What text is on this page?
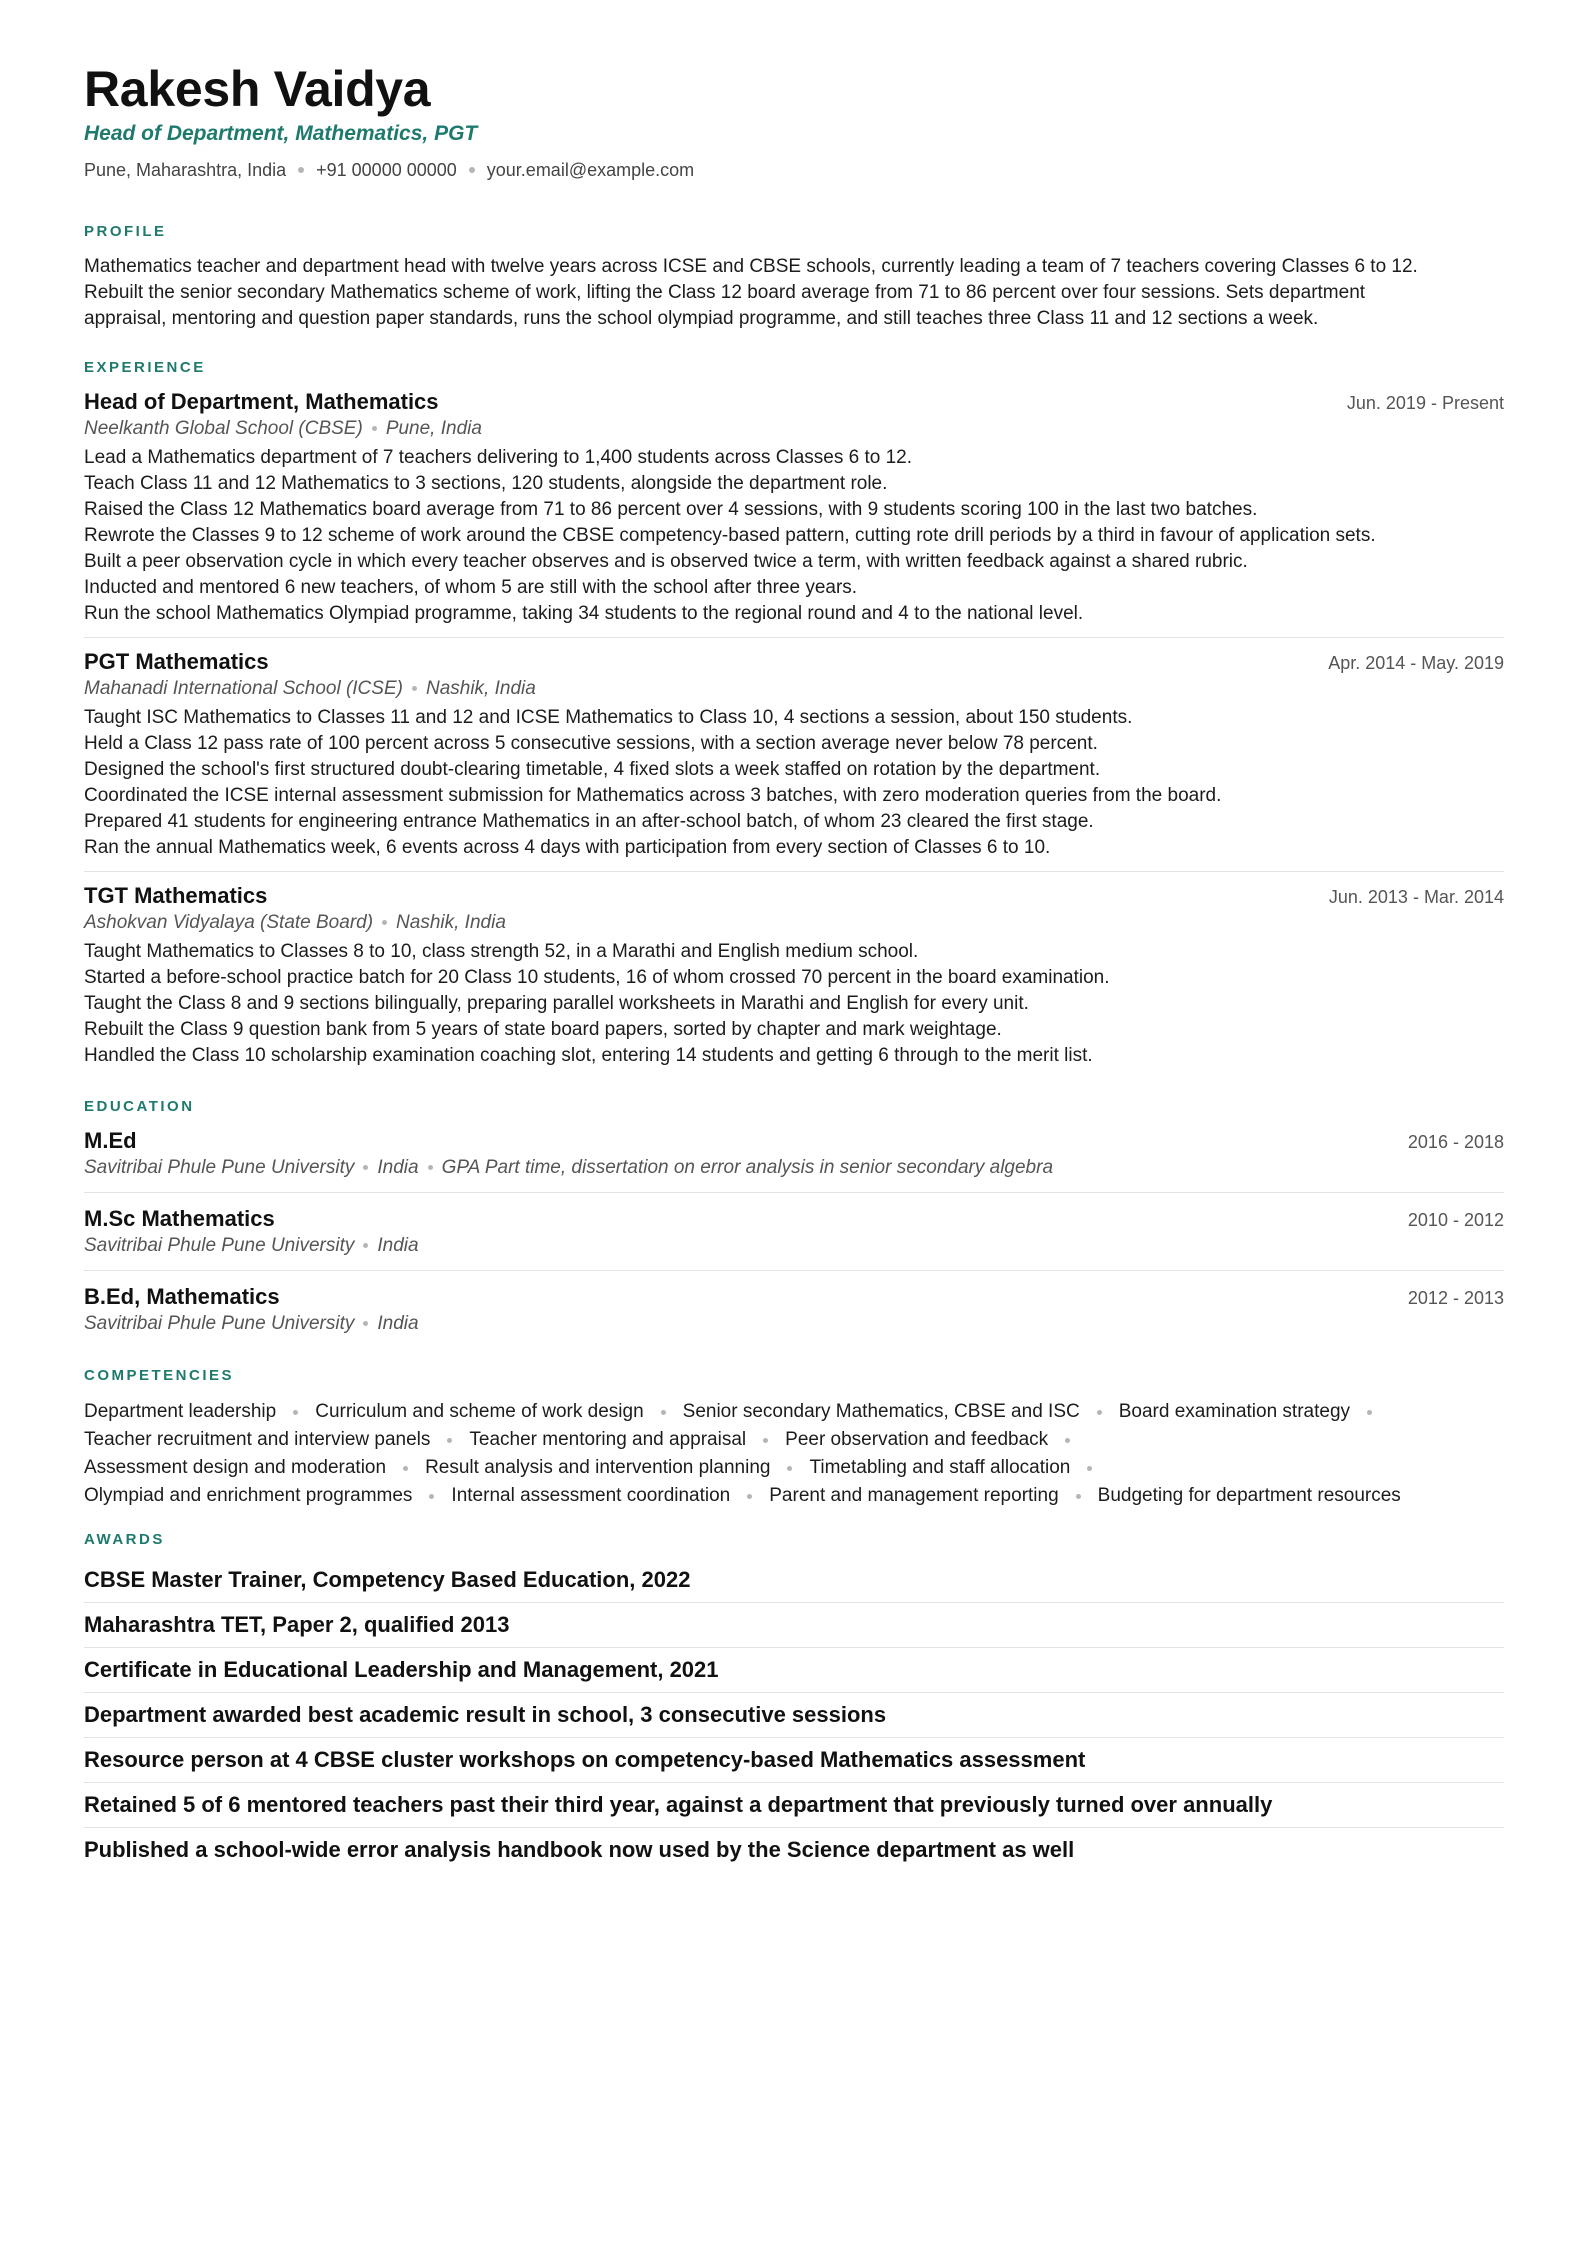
Rakesh Vaidya
Head of Department, Mathematics, PGT
Pune, Maharashtra, India +91 00000 00000 your.email@example.com
PROFILE
Mathematics teacher and department head with twelve years across ICSE and CBSE schools, currently leading a team of 7 teachers covering Classes 6 to 12.
Rebuilt the senior secondary Mathematics scheme of work, lifting the Class 12 board average from 71 to 86 percent over four sessions. Sets department
appraisal, mentoring and question paper standards, runs the school olympiad programme, and still teaches three Class 11 and 12 sections a week.
EXPERIENCE
Head of Department, Mathematics	Jun. 2019 - Present
Neelkanth Global School (CBSE) Pune, India
Lead a Mathematics department of 7 teachers delivering to 1,400 students across Classes 6 to 12.
Teach Class 11 and 12 Mathematics to 3 sections, 120 students, alongside the department role.
Raised the Class 12 Mathematics board average from 71 to 86 percent over 4 sessions, with 9 students scoring 100 in the last two batches.
Rewrote the Classes 9 to 12 scheme of work around the CBSE competency-based pattern, cutting rote drill periods by a third in favour of application sets.
Built a peer observation cycle in which every teacher observes and is observed twice a term, with written feedback against a shared rubric.
Inducted and mentored 6 new teachers, of whom 5 are still with the school after three years.
Run the school Mathematics Olympiad programme, taking 34 students to the regional round and 4 to the national level.
PGT Mathematics	Apr. 2014 - May. 2019
Mahanadi International School (ICSE) Nashik, India
Taught ISC Mathematics to Classes 11 and 12 and ICSE Mathematics to Class 10, 4 sections a session, about 150 students.
Held a Class 12 pass rate of 100 percent across 5 consecutive sessions, with a section average never below 78 percent.
Designed the school's first structured doubt-clearing timetable, 4 fixed slots a week staffed on rotation by the department.
Coordinated the ICSE internal assessment submission for Mathematics across 3 batches, with zero moderation queries from the board.
Prepared 41 students for engineering entrance Mathematics in an after-school batch, of whom 23 cleared the first stage.
Ran the annual Mathematics week, 6 events across 4 days with participation from every section of Classes 6 to 10.
TGT Mathematics	Jun. 2013 - Mar. 2014
Ashokvan Vidyalaya (State Board) Nashik, India
Taught Mathematics to Classes 8 to 10, class strength 52, in a Marathi and English medium school.
Started a before-school practice batch for 20 Class 10 students, 16 of whom crossed 70 percent in the board examination.
Taught the Class 8 and 9 sections bilingually, preparing parallel worksheets in Marathi and English for every unit.
Rebuilt the Class 9 question bank from 5 years of state board papers, sorted by chapter and mark weightage.
Handled the Class 10 scholarship examination coaching slot, entering 14 students and getting 6 through to the merit list.
EDUCATION
M.Ed	2016 - 2018
Savitribai Phule Pune University India GPA Part time, dissertation on error analysis in senior secondary algebra
M.Sc Mathematics	2010 - 2012
Savitribai Phule Pune University India
B.Ed, Mathematics	2012 - 2013
Savitribai Phule Pune University India
COMPETENCIES
Department leadership Curriculum and scheme of work design Senior secondary Mathematics, CBSE and ISC Board examination strategy
Teacher recruitment and interview panels Teacher mentoring and appraisal Peer observation and feedback
Assessment design and moderation Result analysis and intervention planning Timetabling and staff allocation
Olympiad and enrichment programmes Internal assessment coordination Parent and management reporting Budgeting for department resources
AWARDS
CBSE Master Trainer, Competency Based Education, 2022
Maharashtra TET, Paper 2, qualified 2013
Certificate in Educational Leadership and Management, 2021
Department awarded best academic result in school, 3 consecutive sessions
Resource person at 4 CBSE cluster workshops on competency-based Mathematics assessment
Retained 5 of 6 mentored teachers past their third year, against a department that previously turned over annually
Published a school-wide error analysis handbook now used by the Science department as well
